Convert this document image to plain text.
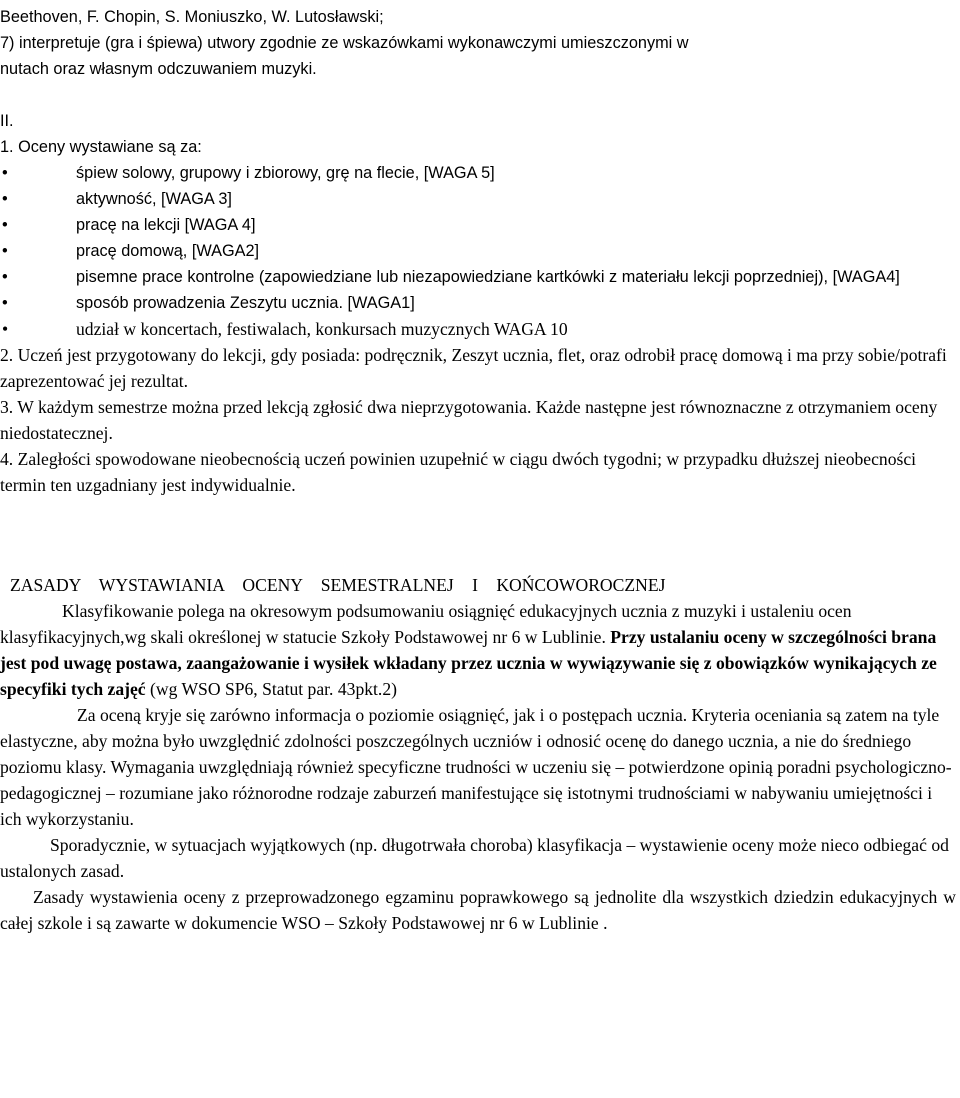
Beethoven, F. Chopin, S. Moniuszko, W. Lutosławski;

7) interpretuje (gra i śpiewa) utwory zgodnie ze wskazówkami wykonawczymi umieszczonymi w

nutach oraz własnym odczuwaniem muzyki.

II.

1. Oceny wystawiane są za:

•	śpiew solowy, grupowy i zbiorowy, grę na flecie, [WAGA 5]

•	aktywność, [WAGA 3]

•	pracę na lekcji [WAGA 4]

•	pracę domową, [WAGA2]

•	pisemne prace kontrolne (zapowiedziane lub niezapowiedziane kartkówki z materiału lekcji poprzedniej), [WAGA4]

•	sposób prowadzenia Zeszytu ucznia. [WAGA1]

•	udział w koncertach, festiwalach, konkursach muzycznych WAGA 10

2. Uczeń jest przygotowany do lekcji, gdy posiada: podręcznik, Zeszyt ucznia, flet, oraz odrobił pracę domową i ma przy sobie/potrafi zaprezentować jej rezultat.

3. W każdym semestrze można przed lekcją zgłosić dwa nieprzygotowania. Każde następne jest równoznaczne z otrzymaniem oceny niedostatecznej.

4. Zaległości spowodowane nieobecnością uczeń powinien uzupełnić w ciągu dwóch tygodni; w przypadku dłuższej nieobecności termin ten uzgadniany jest indywidualnie.

ZASADY WYSTAWIANIA OCENY SEMESTRALNEJ I KOŃCOWOROCZNEJ

Klasyfikowanie polega na okresowym podsumowaniu osiągnięć edukacyjnych ucznia z muzyki i ustaleniu ocen klasyfikacyjnych,wg skali określonej w statucie Szkoły Podstawowej nr 6 w Lublinie. Przy ustalaniu oceny w szczególności brana jest pod uwagę postawa, zaangażowanie i wysiłek wkładany przez ucznia w wywiązywanie się z obowiązków wynikających ze specyfiki tych zajęć (wg WSO SP6, Statut par. 43pkt.2)

Za oceną kryje się zarówno informacja o poziomie osiągnięć, jak i o postępach ucznia. Kryteria oceniania są zatem na tyle elastyczne, aby można było uwzględnić zdolności poszczególnych uczniów i odnosić ocenę do danego ucznia, a nie do średniego poziomu klasy. Wymagania uwzględniają również specyficzne trudności w uczeniu się – potwierdzone opinią poradni psychologiczno-pedagogicznej – rozumiane jako różnorodne rodzaje zaburzeń manifestujące się istotnymi trudnościami w nabywaniu umiejętności i ich wykorzystaniu.

Sporadycznie, w sytuacjach wyjątkowych (np. długotrwała choroba) klasyfikacja – wystawienie oceny może nieco odbiegać od ustalonych zasad.

Zasady wystawienia oceny z przeprowadzonego egzaminu poprawkowego są jednolite dla wszystkich dziedzin edukacyjnych w całej szkole i są zawarte w dokumencie WSO – Szkoły Podstawowej nr 6 w Lublinie .
